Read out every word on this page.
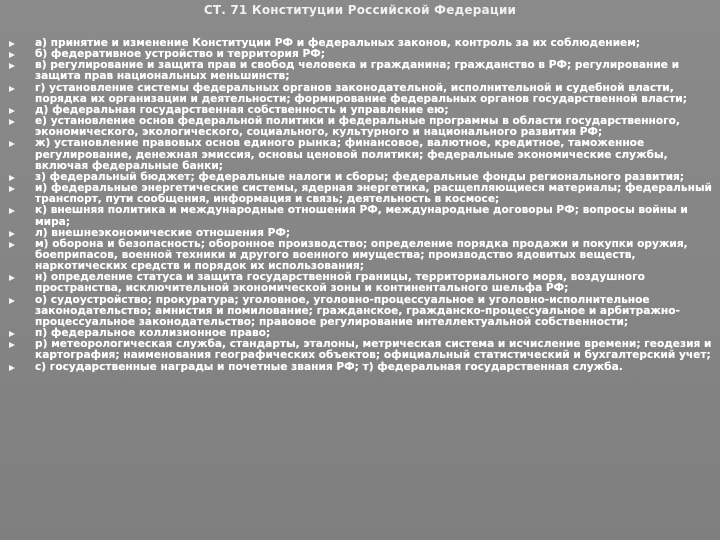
СТ. 71 Конституции Российской Федерации
а) принятие и изменение Конституции РФ и федеральных законов, контроль за их соблюдением;
б) федеративное устройство и территория РФ;
в) регулирование и защита прав и свобод человека и гражданина; гражданство в РФ; регулирование и защита прав национальных меньшинств;
г) установление системы федеральных органов законодательной, исполнительной и судебной власти, порядка их организации и деятельности; формирование федеральных органов государственной власти;
д) федеральная государственная собственность и управление ею;
е) установление основ федеральной политики и федеральные программы в области государственного, экономического, экологического, социального, культурного и национального развития РФ;
ж) установление правовых основ единого рынка; финансовое, валютное, кредитное, таможенное регулирование, денежная эмиссия, основы ценовой политики; федеральные экономические службы, включая федеральные банки;
з) федеральный бюджет; федеральные налоги и сборы; федеральные фонды регионального развития;
и) федеральные энергетические системы, ядерная энергетика, расщепляющиеся материалы; федеральный транспорт, пути сообщения, информация и связь; деятельность в космосе;
к) внешняя политика и международные отношения РФ, международные договоры РФ; вопросы войны и мира;
л) внешнеэкономические отношения РФ;
м) оборона и безопасность; оборонное производство; определение порядка продажи и покупки оружия, боеприпасов, военной техники и другого военного имущества; производство ядовитых веществ, наркотических средств и порядок их использования;
н) определение статуса и защита государственной границы, территориального моря, воздушного пространства, исключительной экономической зоны и континентального шельфа РФ;
о) судоустройство; прокуратура; уголовное, уголовно-процессуальное и уголовно-исполнительное законодательство; амнистия и помилование; гражданское, гражданско-процессуальное и арбитражно-процессуальное законодательство; правовое регулирование интеллектуальной собственности;
п) федеральное коллизионное право;
р) метеорологическая служба, стандарты, эталоны, метрическая система и исчисление времени; геодезия и картография; наименования географических объектов; официальный статистический и бухгалтерский учет;
с) государственные награды и почетные звания РФ; т) федеральная государственная служба.
